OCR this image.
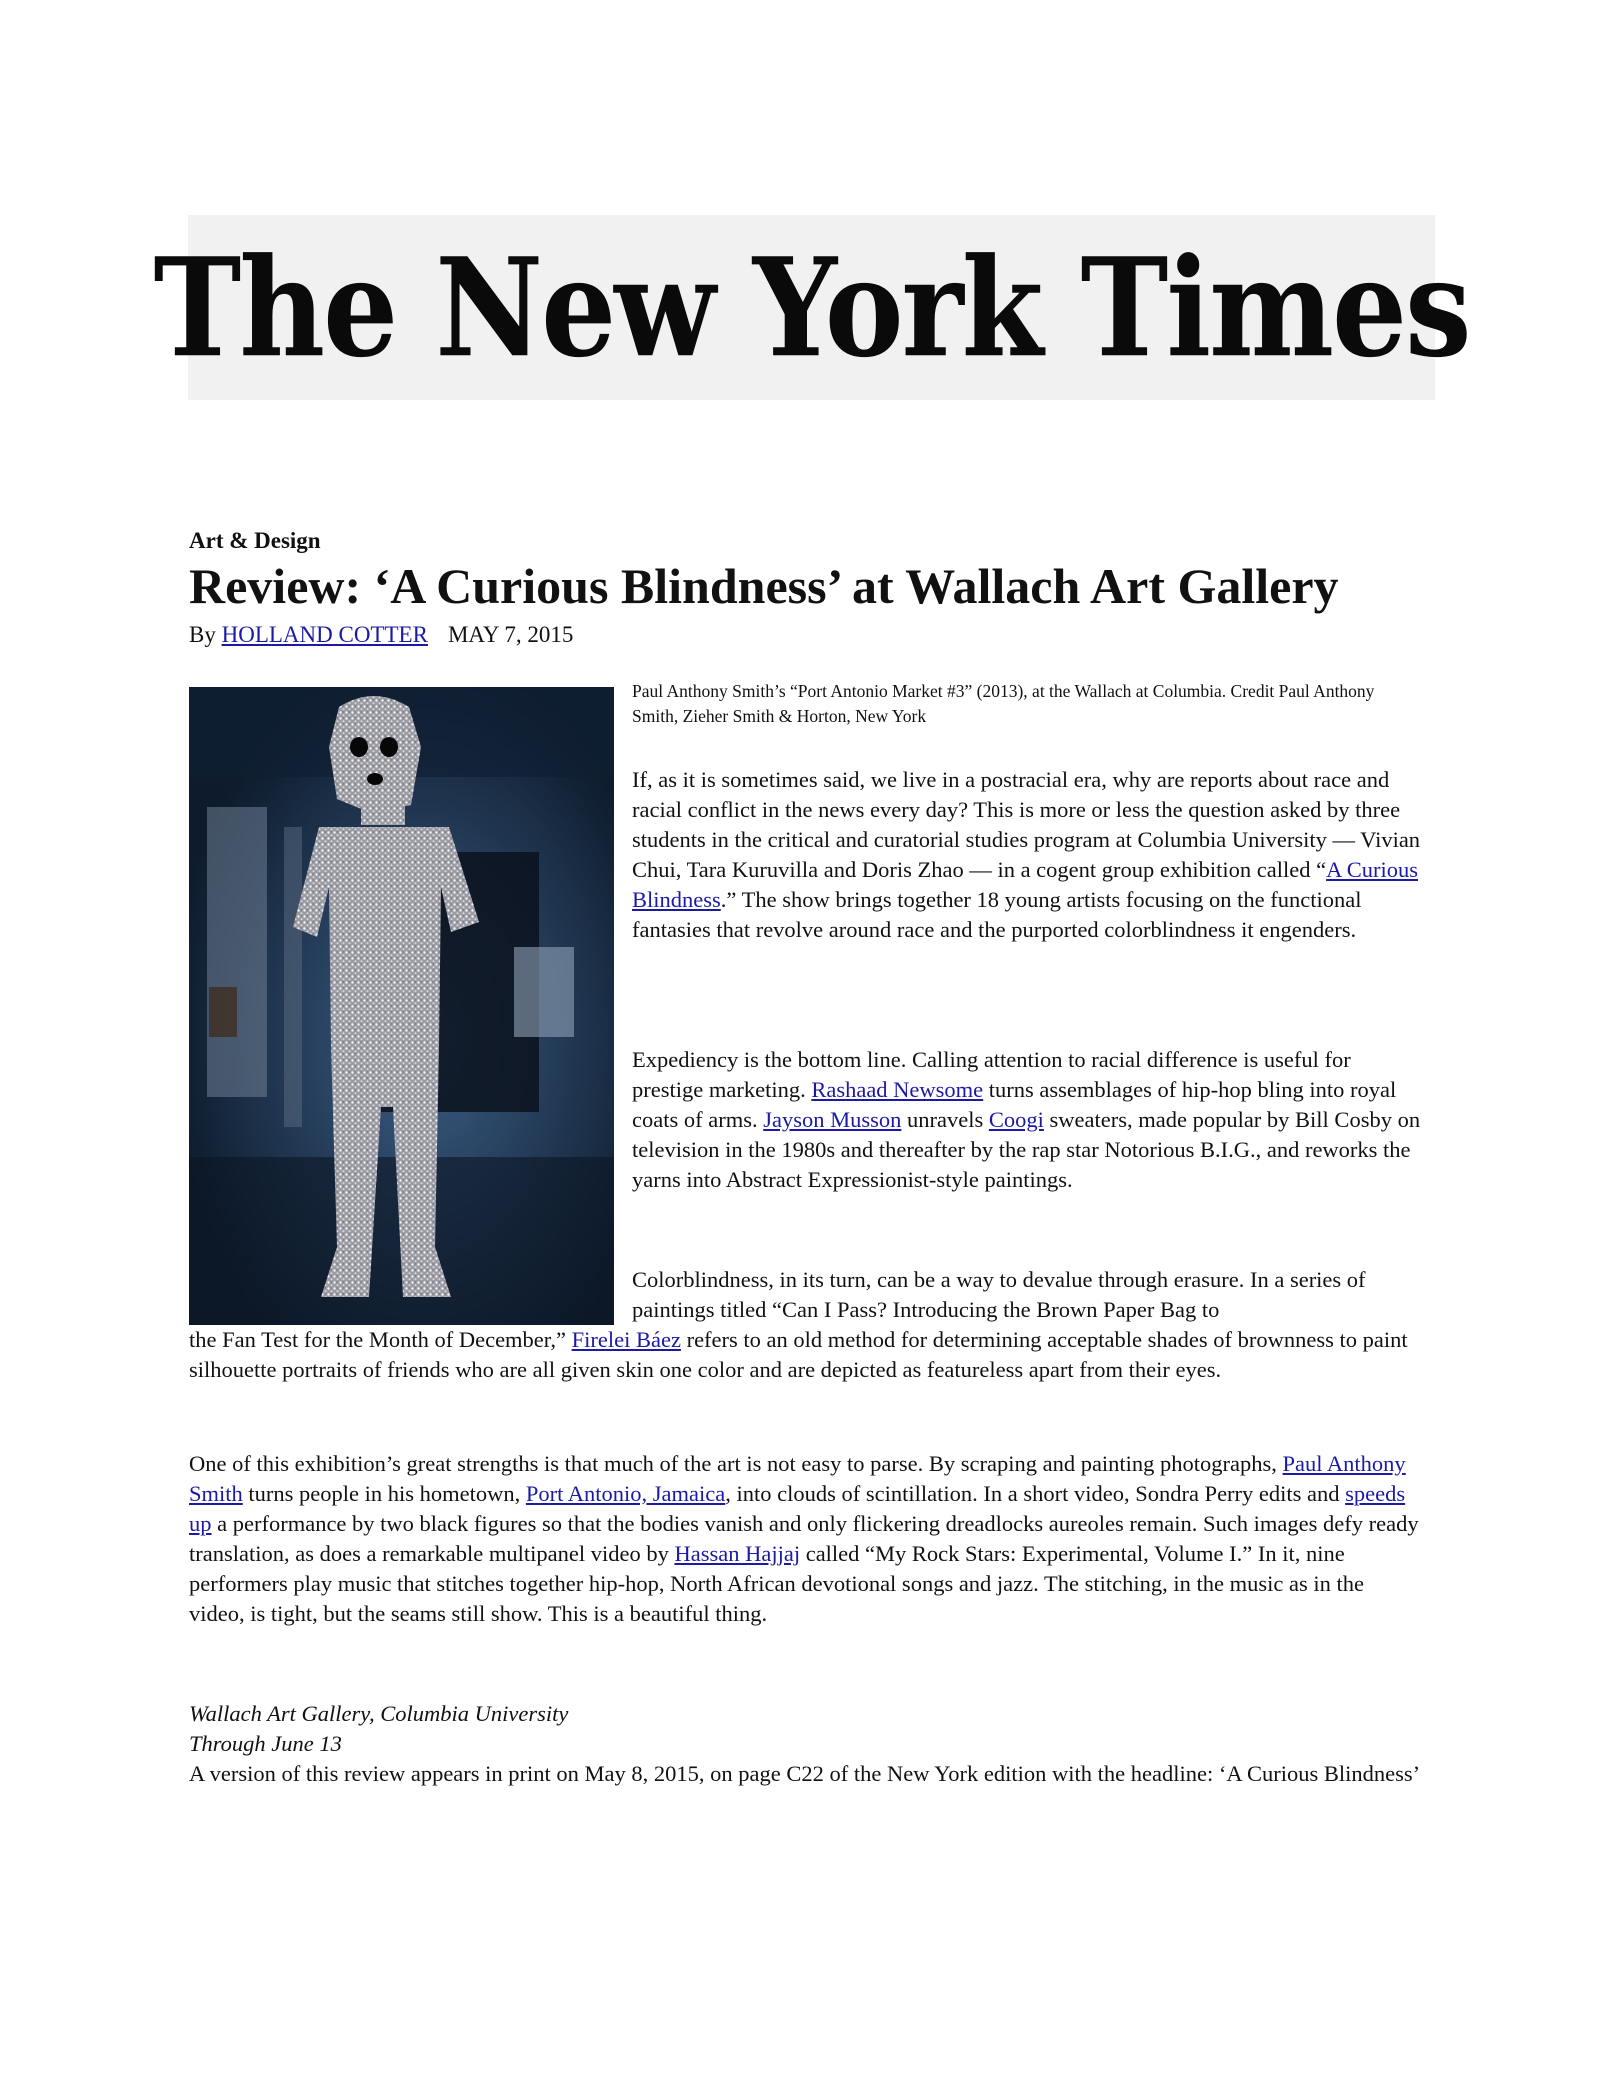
The New York Times
Art & Design
Review: ‘A Curious Blindness’ at Wallach Art Gallery
By HOLLAND COTTER MAY 7, 2015
Paul Anthony Smith’s “Port Antonio Market #3” (2013), at the Wallach at Columbia. Credit Paul Anthony Smith, Zieher Smith & Horton, New York

If, as it is sometimes said, we live in a postracial era, why are reports about race and racial conflict in the news every day? This is more or less the question asked by three students in the critical and curatorial studies program at Columbia University — Vivian Chui, Tara Kuruvilla and Doris Zhao — in a cogent group exhibition called “A Curious Blindness.” The show brings together 18 young artists focusing on the functional fantasies that revolve around race and the purported colorblindness it engenders.

Expediency is the bottom line. Calling attention to racial difference is useful for prestige marketing. Rashaad Newsome turns assemblages of hip-hop bling into royal coats of arms. Jayson Musson unravels Coogi sweaters, made popular by Bill Cosby on television in the 1980s and thereafter by the rap star Notorious B.I.G., and reworks the yarns into Abstract Expressionist-style paintings.

Colorblindness, in its turn, can be a way to devalue through erasure. In a series of paintings titled “Can I Pass? Introducing the Brown Paper Bag to

the Fan Test for the Month of December,” Firelei Báez refers to an old method for determining acceptable shades of brownness to paint silhouette portraits of friends who are all given skin one color and are depicted as featureless apart from their eyes.

One of this exhibition’s great strengths is that much of the art is not easy to parse. By scraping and painting photographs, Paul Anthony Smith turns people in his hometown, Port Antonio, Jamaica, into clouds of scintillation. In a short video, Sondra Perry edits and speeds up a performance by two black figures so that the bodies vanish and only flickering dreadlocks aureoles remain. Such images defy ready translation, as does a remarkable multipanel video by Hassan Hajjaj called “My Rock Stars: Experimental, Volume I.” In it, nine performers play music that stitches together hip-hop, North African devotional songs and jazz. The stitching, in the music as in the video, is tight, but the seams still show. This is a beautiful thing.

Wallach Art Gallery, Columbia University
Through June 13
A version of this review appears in print on May 8, 2015, on page C22 of the New York edition with the headline: ‘A Curious Blindness’
